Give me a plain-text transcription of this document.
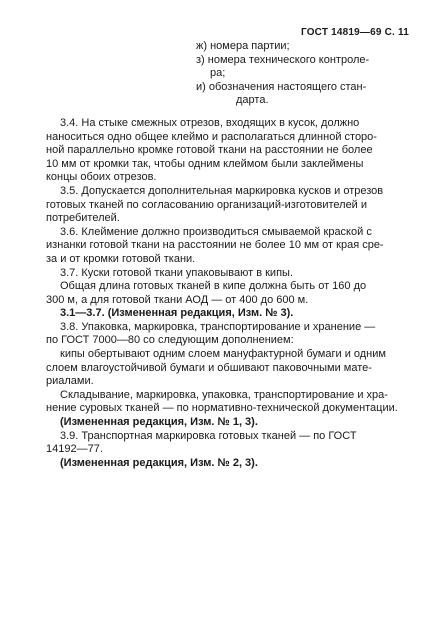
ГОСТ 14819—69 С. 11
ж) номера партии;
з) номера технического контроле-
ра;
и) обозначения настоящего стан-
дарта.
3.4. На стыке смежных отрезов, входящих в кусок, должно
наноситься одно общее клеймо и располагаться длинной сторо-
ной параллельно кромке готовой ткани на расстоянии не более
10 мм от кромки так, чтобы одним клеймом были заклеймены
концы обоих отрезов.
3.5. Допускается дополнительная маркировка кусков и отрезов
готовых тканей по согласованию организаций-изготовителей и
потребителей.
3.6. Клеймение должно производиться смываемой краской с
изнанки готовой ткани на расстоянии не более 10 мм от края сре-
за и от кромки готовой ткани.
3.7. Куски готовой ткани упаковывают в кипы.
Общая длина готовых тканей в кипе должна быть от 160 до
300 м, а для готовой ткани АОД — от 400 до 600 м.
3.1—3.7. (Измененная редакция, Изм. № 3).
3.8. Упаковка, маркировка, транспортирование и хранение —
по ГОСТ 7000—80 со следующим дополнением:
кипы обертывают одним слоем мануфактурной бумаги и одним
слоем влагоустойчивой бумаги и обшивают паковочными мате-
риалами.
Складывание, маркировка, упаковка, транспортирование и хра-
нение суровых тканей — по нормативно-технической документации.
(Измененная редакция, Изм. № 1, 3).
3.9. Транспортная маркировка готовых тканей — по ГОСТ
14192—77.
(Измененная редакция, Изм. № 2, 3).
